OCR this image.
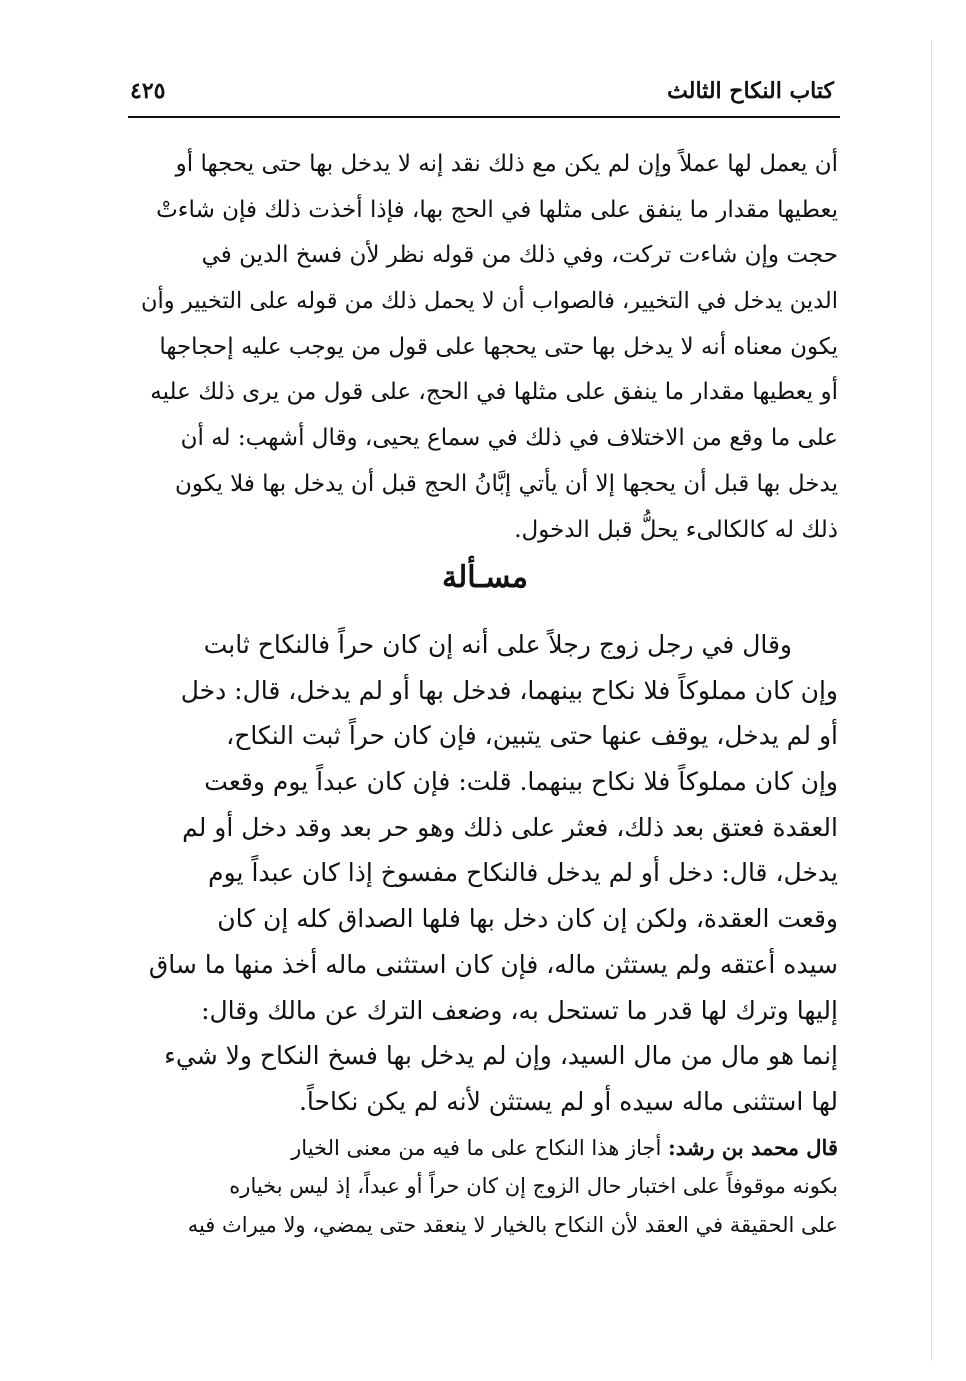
كتاب النكاح الثالث
٤٢٥
أن يعمل لها عملاً وإن لم يكن مع ذلك نقد إنه لا يدخل بها حتى يحجها أو
يعطيها مقدار ما ينفق على مثلها في الحج بها، فإذا أخذت ذلك فإن شاءتْ
حجت وإن شاءت تركت، وفي ذلك من قوله نظر لأن فسخ الدين في
الدين يدخل في التخيير، فالصواب أن لا يحمل ذلك من قوله على التخيير وأن
يكون معناه أنه لا يدخل بها حتى يحجها على قول من يوجب عليه إحجاجها
أو يعطيها مقدار ما ينفق على مثلها في الحج، على قول من يرى ذلك عليه
على ما وقع من الاختلاف في ذلك في سماع يحيى، وقال أشهب: له أن
يدخل بها قبل أن يحجها إلا أن يأتي إبَّانُ الحج قبل أن يدخل بها فلا يكون
ذلك له كالكالىء يحلُّ قبل الدخول.
مسـألة
وقال في رجل زوج رجلاً على أنه إن كان حراً فالنكاح ثابت
وإن كان مملوكاً فلا نكاح بينهما، فدخل بها أو لم يدخل، قال: دخل
أو لم يدخل، يوقف عنها حتى يتبين، فإن كان حراً ثبت النكاح،
وإن كان مملوكاً فلا نكاح بينهما. قلت: فإن كان عبداً يوم وقعت
العقدة فعتق بعد ذلك، فعثر على ذلك وهو حر بعد وقد دخل أو لم
يدخل، قال: دخل أو لم يدخل فالنكاح مفسوخ إذا كان عبداً يوم
وقعت العقدة، ولكن إن كان دخل بها فلها الصداق كله إن كان
سيده أعتقه ولم يستثن ماله، فإن كان استثنى ماله أخذ منها ما ساق
إليها وترك لها قدر ما تستحل به، وضعف الترك عن مالك وقال:
إنما هو مال من مال السيد، وإن لم يدخل بها فسخ النكاح ولا شيء
لها استثنى ماله سيده أو لم يستثن لأنه لم يكن نكاحاً.
قال محمد بن رشد: أجاز هذا النكاح على ما فيه من معنى الخيار
بكونه موقوفاً على اختبار حال الزوج إن كان حراً أو عبداً، إذ ليس بخياره
على الحقيقة في العقد لأن النكاح بالخيار لا ينعقد حتى يمضي، ولا ميراث فيه
